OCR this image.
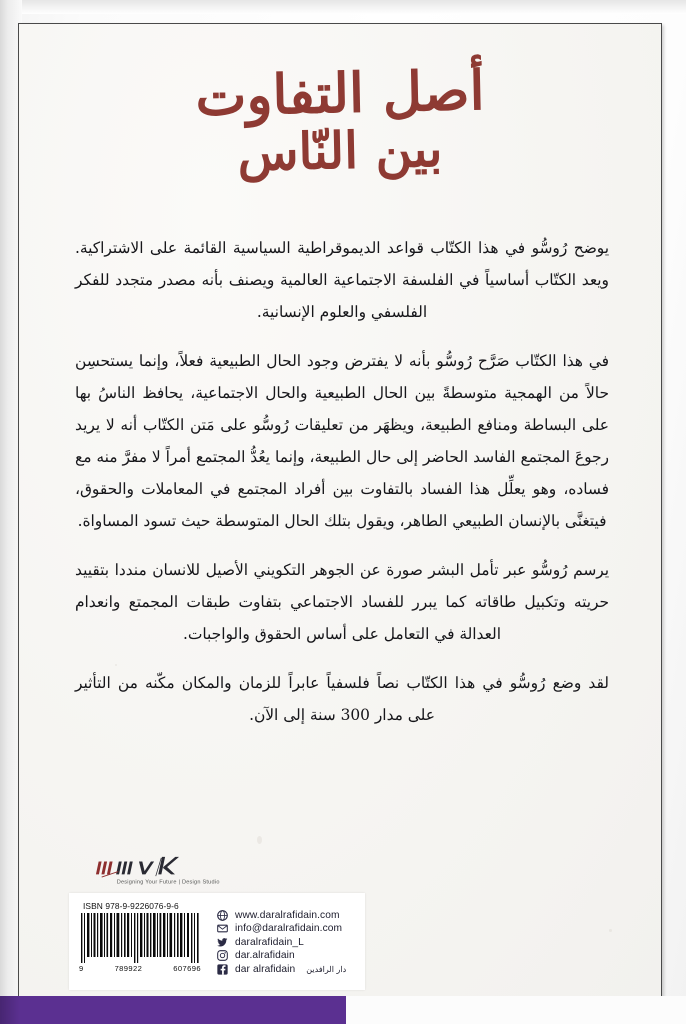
أصل التفاوت
بين النّاس

يوضح رُوسُّو في هذا الكتّاب قواعد الديموقراطية السياسية القائمة على الاشتراكية. ويعد الكتّاب أساسياً في الفلسفة الاجتماعية العالمية ويصنف بأنه مصدر متجدد للفكر الفلسفي والعلوم الإنسانية.

في هذا الكتّاب صَرَّح رُوسُّو بأنه لا يفترض وجود الحال الطبيعية فعلاً، وإنما يستحسِن حالاً من الهمجية متوسطةً بين الحال الطبيعية والحال الاجتماعية، يحافظ الناسُ بها على البساطة ومنافع الطبيعة، ويظهَر من تعليقات رُوسُّو على مَتن الكتّاب أنه لا يريد رجوعَ المجتمع الفاسد الحاضر إلى حال الطبيعة، وإنما يعُدُّ المجتمع أمراً لا مفرَّ منه مع فساده، وهو يعلِّل هذا الفساد بالتفاوت بين أفراد المجتمع في المعاملات والحقوق، فيتغنَّى بالإنسان الطبيعي الطاهر، ويقول بتلك الحال المتوسطة حيث تسود المساواة.

يرسم رُوسُّو عبر تأمل البشر صورة عن الجوهر التكويني الأصيل للانسان منددا بتقييد حريته وتكبيل طاقاته كما يبرر للفساد الاجتماعي بتفاوت طبقات المجمتع وانعدام العدالة في التعامل على أساس الحقوق والواجبات.

لقد وضع رُوسُّو في هذا الكتّاب نصاً فلسفياً عابراً للزمان والمكان مكّنه من التأثير على مدار 300 سنة إلى الآن.

Designing Your Future | Design Studio
ISBN 978-9-9226076-9-6
9	789922	607696
www.daralrafidain.com
info@daralrafidain.com
daralrafidain_L
dar.alrafidain
dar alrafidain دار الرافدين
